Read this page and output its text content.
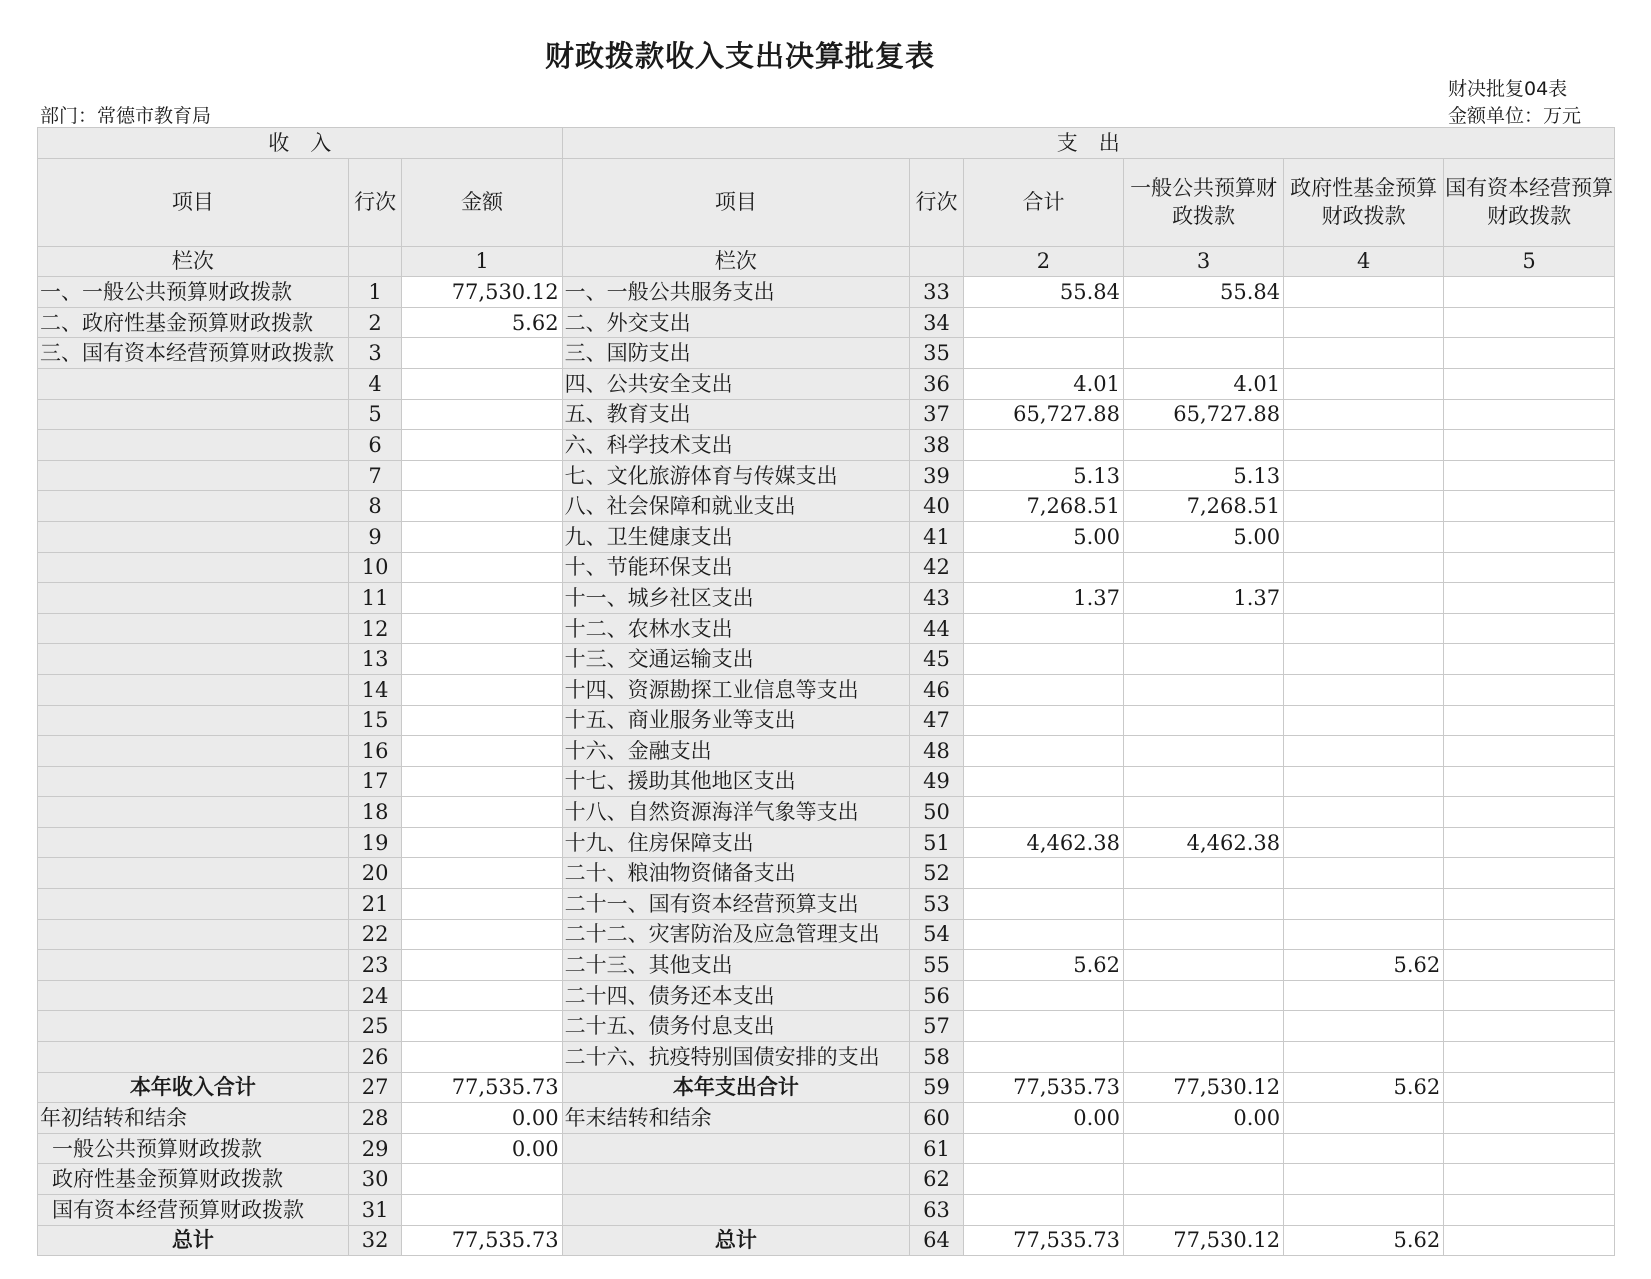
财政拨款收入支出决算批复表
财决批复04表
金额单位：万元
部门：常德市教育局
收　入			支　出					
项目	行次	金额	项目	行次	合计	一般公共预算财政拨款	政府性基金预算财政拨款	国有资本经营预算财政拨款
栏次		1	栏次		2	3	4	5
一、一般公共预算财政拨款	1	77,530.12	一、一般公共服务支出	33	55.84	55.84		
二、政府性基金预算财政拨款	2	5.62	二、外交支出	34				
三、国有资本经营预算财政拨款	3		三、国防支出	35				
	4		四、公共安全支出	36	4.01	4.01		
	5		五、教育支出	37	65,727.88	65,727.88		
	6		六、科学技术支出	38				
	7		七、文化旅游体育与传媒支出	39	5.13	5.13		
	8		八、社会保障和就业支出	40	7,268.51	7,268.51		
	9		九、卫生健康支出	41	5.00	5.00		
	10		十、节能环保支出	42				
	11		十一、城乡社区支出	43	1.37	1.37		
	12		十二、农林水支出	44				
	13		十三、交通运输支出	45				
	14		十四、资源勘探工业信息等支出	46				
	15		十五、商业服务业等支出	47				
	16		十六、金融支出	48				
	17		十七、援助其他地区支出	49				
	18		十八、自然资源海洋气象等支出	50				
	19		十九、住房保障支出	51	4,462.38	4,462.38		
	20		二十、粮油物资储备支出	52				
	21		二十一、国有资本经营预算支出	53				
	22		二十二、灾害防治及应急管理支出	54				
	23		二十三、其他支出	55	5.62		5.62	
	24		二十四、债务还本支出	56				
	25		二十五、债务付息支出	57				
	26		二十六、抗疫特别国债安排的支出	58				
本年收入合计	27	77,535.73	本年支出合计	59	77,535.73	77,530.12	5.62	
年初结转和结余	28	0.00	年末结转和结余	60	0.00	0.00		
一般公共预算财政拨款	29	0.00		61				
政府性基金预算财政拨款	30			62				
国有资本经营预算财政拨款	31			63				
总计	32	77,535.73	总计	64	77,535.73	77,530.12	5.62	
